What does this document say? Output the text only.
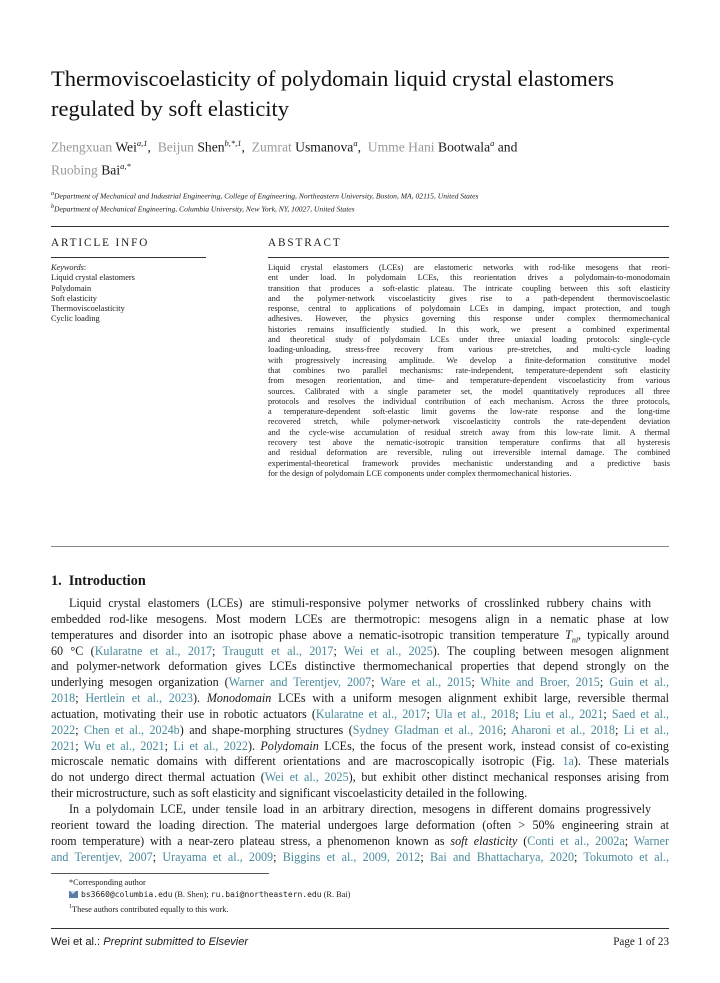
Thermoviscoelasticity of polydomain liquid crystal elastomers
regulated by soft elasticity
Zhengxuan Wei$^{a,1}$,  Beijun Shen$^{b,*,1}$,  Zumrat Usmanova$^a$,  Umme Hani Bootwala$^a$ and
Ruobing Bai$^{a,*}$
$^a$Department of Mechanical and Industrial Engineering, College of Engineering, Northeastern University, Boston, MA, 02115, United States
$^b$Department of Mechanical Engineering, Columbia University, New York, NY, 10027, United States
ARTICLE INFO	ABSTRACT
Keywords:
Liquid crystal elastomers
Polydomain
Soft elasticity
Thermoviscoelasticity
Cyclic loading
Liquid crystal elastomers (LCEs) are elastomeric networks with rod-like mesogens that reori-
ent under load. In polydomain LCEs, this reorientation drives a polydomain-to-monodomain
transition that produces a soft-elastic plateau. The intricate coupling between this soft elasticity
and the polymer-network viscoelasticity gives rise to a path-dependent thermoviscoelastic
response, central to applications of polydomain LCEs in damping, impact protection, and tough
adhesives. However, the physics governing this response under complex thermomechanical
histories remains insufficiently studied. In this work, we present a combined experimental
and theoretical study of polydomain LCEs under three uniaxial loading protocols: single-cycle
loading-unloading, stress-free recovery from various pre-stretches, and multi-cycle loading
with progressively increasing amplitude. We develop a finite-deformation constitutive model
that combines two parallel mechanisms: rate-independent, temperature-dependent soft elasticity
from mesogen reorientation, and time- and temperature-dependent viscoelasticity from various
sources. Calibrated with a single parameter set, the model quantitatively reproduces all three
protocols and resolves the individual contribution of each mechanism. Across the three protocols,
a temperature-dependent soft-elastic limit governs the low-rate response and the long-time
recovered stretch, while polymer-network viscoelasticity controls the rate-dependent deviation
and the cycle-wise accumulation of residual stretch away from this low-rate limit. A thermal
recovery test above the nematic-isotropic transition temperature confirms that all hysteresis
and residual deformation are reversible, ruling out irreversible internal damage. The combined
experimental-theoretical framework provides mechanistic understanding and a predictive basis
for the design of polydomain LCE components under complex thermomechanical histories.
1. Introduction
Liquid crystal elastomers (LCEs) are stimuli-responsive polymer networks of crosslinked rubbery chains with
embedded rod-like mesogens. Most modern LCEs are thermotropic: mesogens align in a nematic phase at low
temperatures and disorder into an isotropic phase above a nematic-isotropic transition temperature $T_{ni}$, typically around
60 °C (Kularatne et al., 2017; Traugutt et al., 2017; Wei et al., 2025). The coupling between mesogen alignment
and polymer-network deformation gives LCEs distinctive thermomechanical properties that depend strongly on the
underlying mesogen organization (Warner and Terentjev, 2007; Ware et al., 2015; White and Broer, 2015; Guin et al.,
2018; Hertlein et al., 2023). Monodomain LCEs with a uniform mesogen alignment exhibit large, reversible thermal
actuation, motivating their use in robotic actuators (Kularatne et al., 2017; Ula et al., 2018; Liu et al., 2021; Saed et al.,
2022; Chen et al., 2024b) and shape-morphing structures (Sydney Gladman et al., 2016; Aharoni et al., 2018; Li et al.,
2021; Wu et al., 2021; Li et al., 2022). Polydomain LCEs, the focus of the present work, instead consist of co-existing
microscale nematic domains with different orientations and are macroscopically isotropic (Fig. 1a). These materials
do not undergo direct thermal actuation (Wei et al., 2025), but exhibit other distinct mechanical responses arising from
their microstructure, such as soft elasticity and significant viscoelasticity detailed in the following.
In a polydomain LCE, under tensile load in an arbitrary direction, mesogens in different domains progressively
reorient toward the loading direction. The material undergoes large deformation (often > 50% engineering strain at
room temperature) with a near-zero plateau stress, a phenomenon known as soft elasticity (Conti et al., 2002a; Warner
and Terentjev, 2007; Urayama et al., 2009; Biggins et al., 2009, 2012; Bai and Bhattacharya, 2020; Tokumoto et al.,
*Corresponding author
bs3660@columbia.edu (B. Shen); ru.bai@northeastern.edu (R. Bai)
$^1$These authors contributed equally to this work.
Wei et al.: Preprint submitted to Elsevier	Page 1 of 23
